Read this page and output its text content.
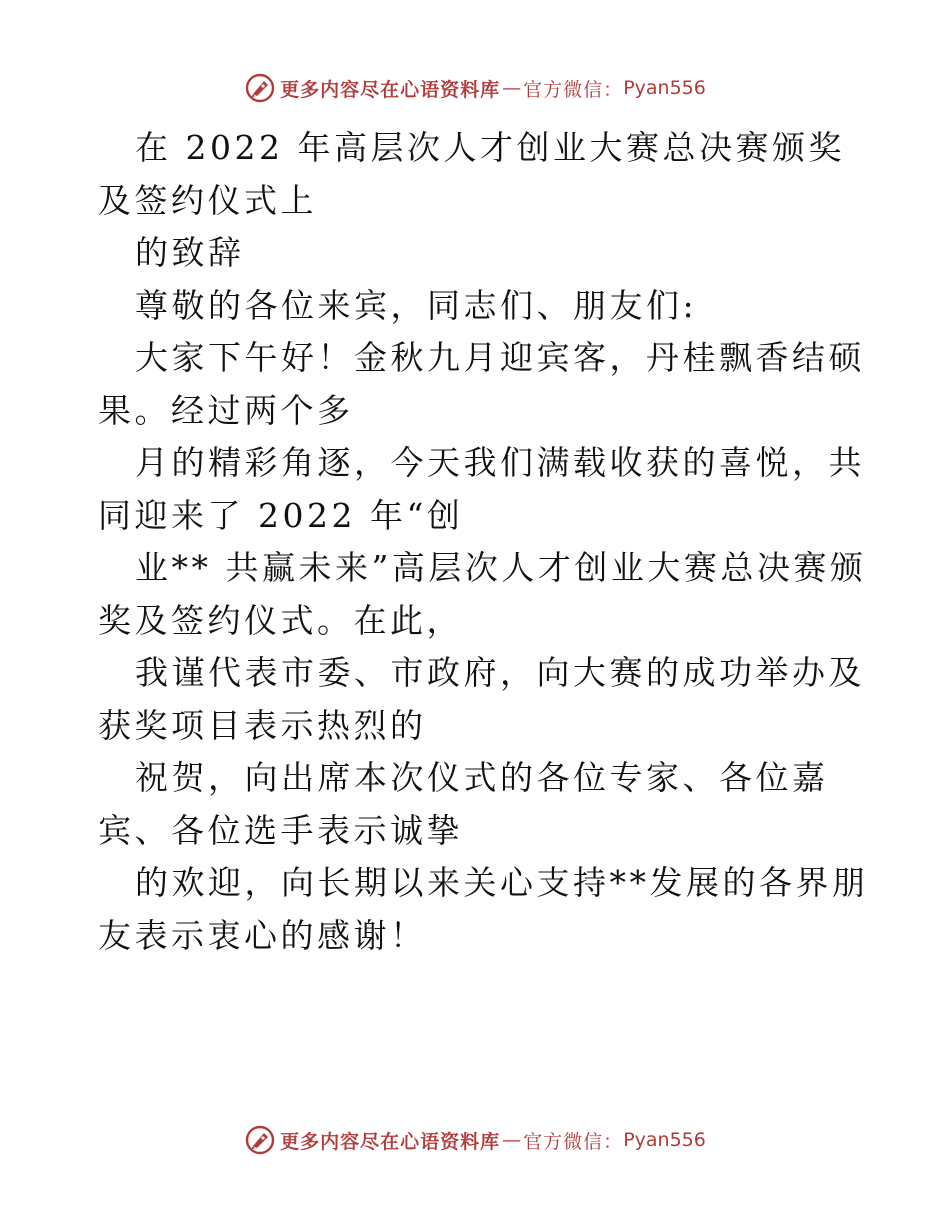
更多内容尽在心语资料库 — 官方微信： Pyan556

在 2022 年高层次人才创业大赛总决赛颁奖及签约仪式上

的致辞

尊敬的各位来宾，同志们、朋友们:

大家下午好！金秋九月迎宾客，丹桂飘香结硕果。经过两个多

月的精彩角逐，今天我们满载收获的喜悦，共同迎来了 2022 年“创

业** 共赢未来”高层次人才创业大赛总决赛颁奖及签约仪式。在此，

我谨代表市委、市政府，向大赛的成功举办及获奖项目表示热烈的

祝贺，向出席本次仪式的各位专家、各位嘉宾、各位选手表示诚挚

的欢迎，向长期以来关心支持**发展的各界朋友表示衷心的感谢！

更多内容尽在心语资料库 — 官方微信： Pyan556
